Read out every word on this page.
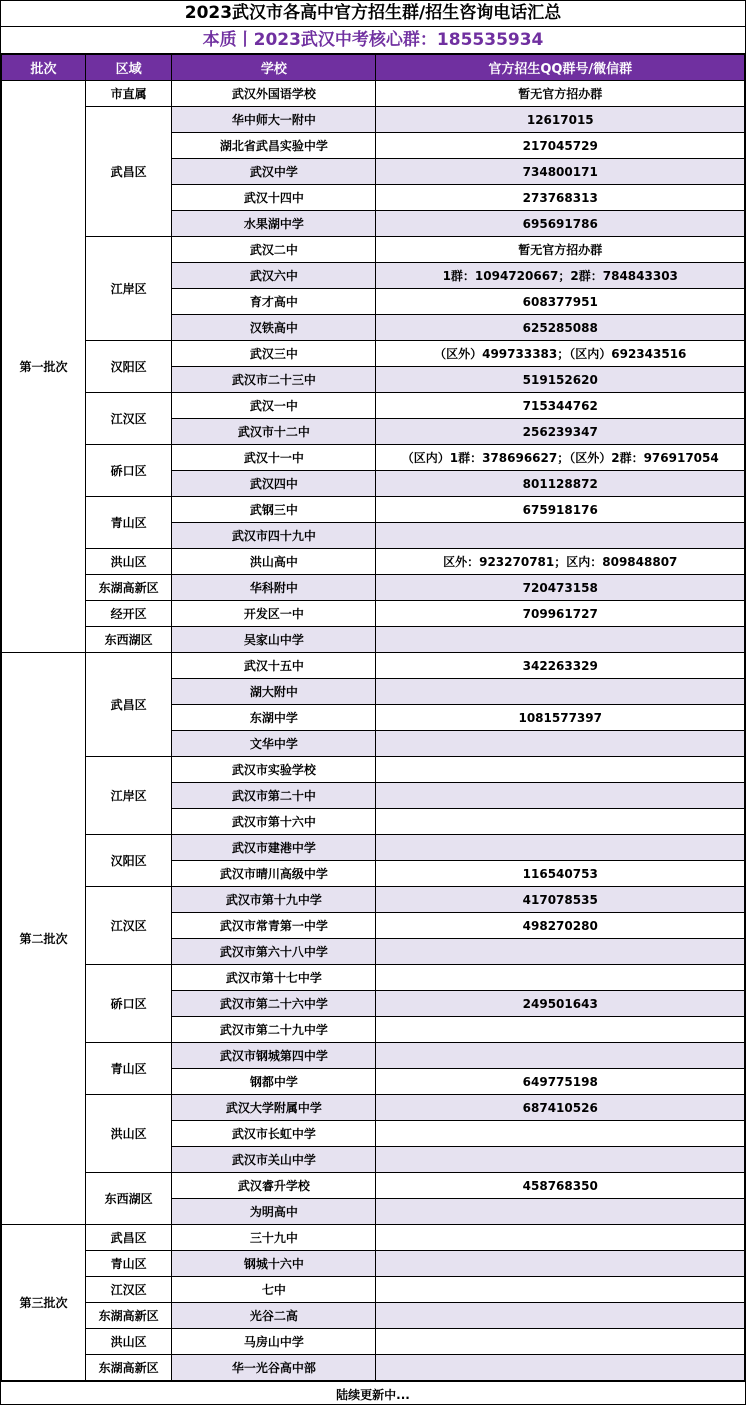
2023武汉市各高中官方招生群/招生咨询电话汇总
本质丨2023武汉中考核心群：185535934
批次	区域	学校	官方招生QQ群号/微信群
第一批次	市直属	武汉外国语学校	暂无官方招办群
	武昌区	华中师大一附中	12617015
		湖北省武昌实验中学	217045729
		武汉中学	734800171
		武汉十四中	273768313
		水果湖中学	695691786
	江岸区	武汉二中	暂无官方招办群
		武汉六中	1群：1094720667；2群：784843303
		育才高中	608377951
		汉铁高中	625285088
	汉阳区	武汉三中	（区外）499733383；（区内）692343516
		武汉市二十三中	519152620
	江汉区	武汉一中	715344762
		武汉市十二中	256239347
	硚口区	武汉十一中	（区内）1群：378696627；（区外）2群：976917054
		武汉四中	801128872
	青山区	武钢三中	675918176
		武汉市四十九中	
	洪山区	洪山高中	区外：923270781；区内：809848807
	东湖高新区	华科附中	720473158
	经开区	开发区一中	709961727
	东西湖区	吴家山中学	
第二批次	武昌区	武汉十五中	342263329
		湖大附中	
		东湖中学	1081577397
		文华中学	
	江岸区	武汉市实验学校	
		武汉市第二十中	
		武汉市第十六中	
	汉阳区	武汉市建港中学	
		武汉市晴川高级中学	116540753
	江汉区	武汉市第十九中学	417078535
		武汉市常青第一中学	498270280
		武汉市第六十八中学	
	硚口区	武汉市第十七中学	
		武汉市第二十六中学	249501643
		武汉市第二十九中学	
	青山区	武汉市钢城第四中学	
		钢都中学	649775198
	洪山区	武汉大学附属中学	687410526
		武汉市长虹中学	
		武汉市关山中学	
	东西湖区	武汉睿升学校	458768350
		为明高中	
第三批次	武昌区	三十九中	
	青山区	钢城十六中	
	江汉区	七中	
	东湖高新区	光谷二高	
	洪山区	马房山中学	
	东湖高新区	华一光谷高中部	
陆续更新中...
